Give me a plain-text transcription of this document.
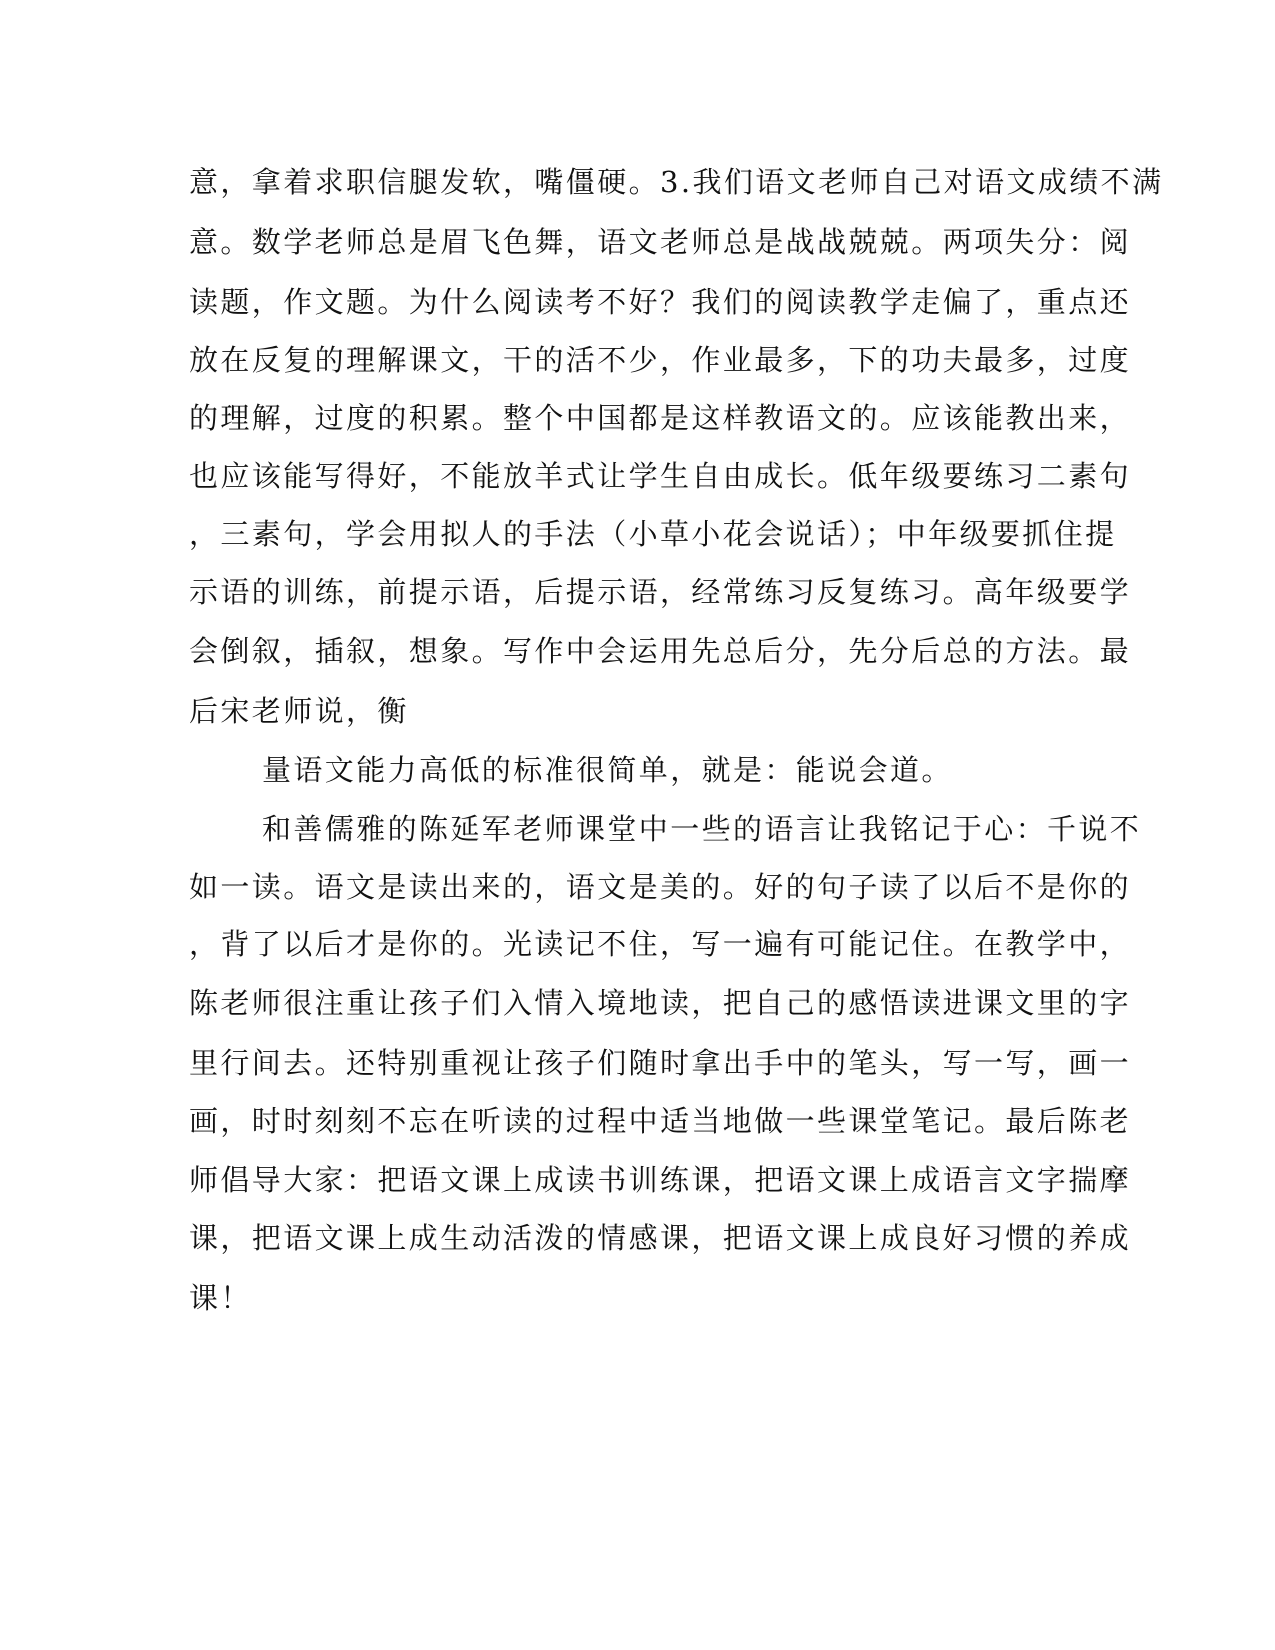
意，拿着求职信腿发软，嘴僵硬。3.我们语文老师自己对语文成绩不满
意。数学老师总是眉飞色舞，语文老师总是战战兢兢。两项失分：阅
读题，作文题。为什么阅读考不好？我们的阅读教学走偏了，重点还
放在反复的理解课文，干的活不少，作业最多，下的功夫最多，过度
的理解，过度的积累。整个中国都是这样教语文的。应该能教出来，
也应该能写得好，不能放羊式让学生自由成长。低年级要练习二素句
，三素句，学会用拟人的手法（小草小花会说话）；中年级要抓住提
示语的训练，前提示语，后提示语，经常练习反复练习。高年级要学
会倒叙，插叙，想象。写作中会运用先总后分，先分后总的方法。最
后宋老师说，衡
量语文能力高低的标准很简单，就是：能说会道。
和善儒雅的陈延军老师课堂中一些的语言让我铭记于心：千说不
如一读。语文是读出来的，语文是美的。好的句子读了以后不是你的
，背了以后才是你的。光读记不住，写一遍有可能记住。在教学中，
陈老师很注重让孩子们入情入境地读，把自己的感悟读进课文里的字
里行间去。还特别重视让孩子们随时拿出手中的笔头，写一写，画一
画，时时刻刻不忘在听读的过程中适当地做一些课堂笔记。最后陈老
师倡导大家：把语文课上成读书训练课，把语文课上成语言文字揣摩
课，把语文课上成生动活泼的情感课，把语文课上成良好习惯的养成
课！
